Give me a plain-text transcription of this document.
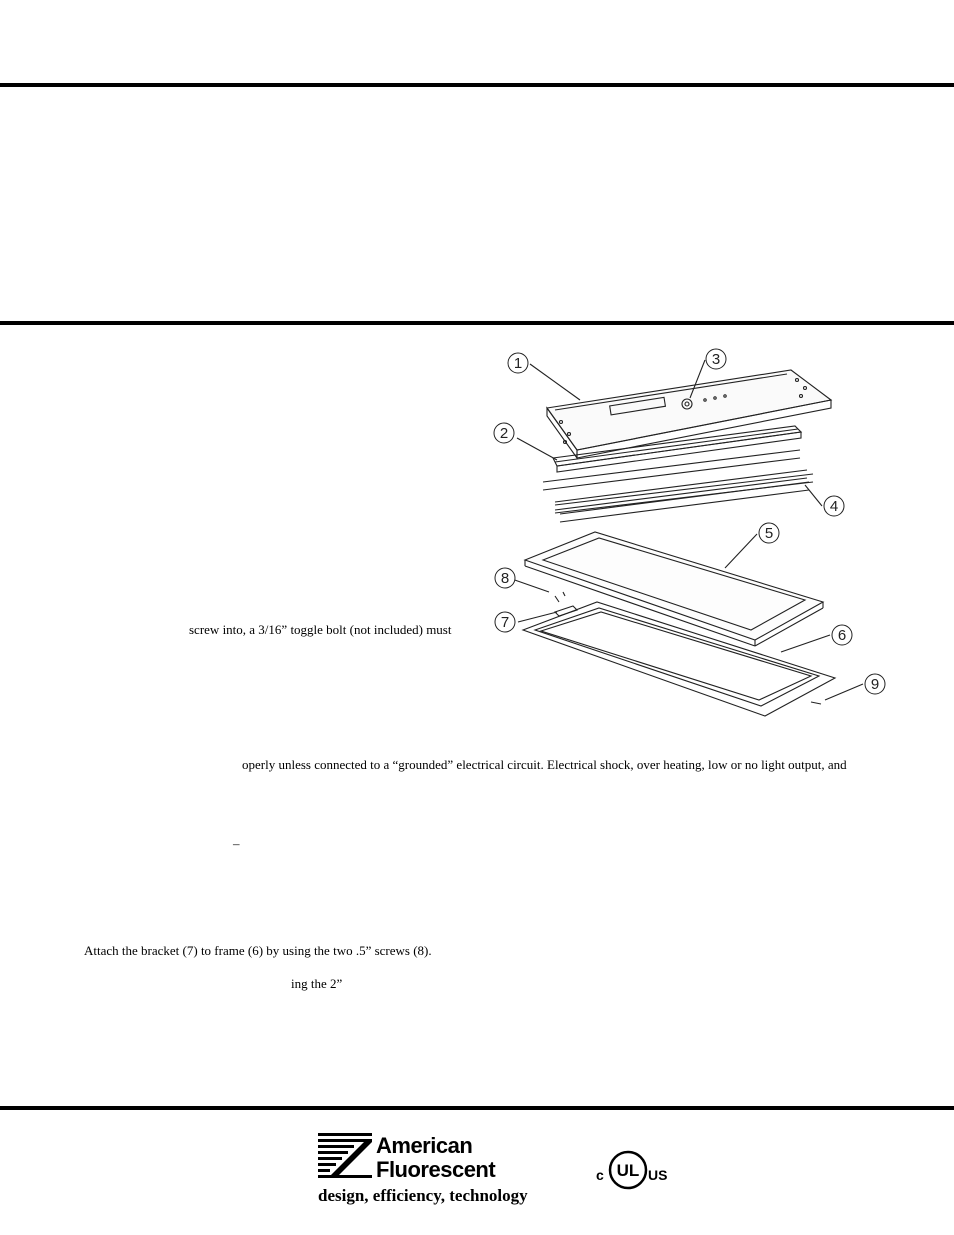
screw into, a 3/16” toggle bolt (not included) must
operly unless connected to a “grounded” electrical circuit. Electrical shock, over heating, low or no light output, and
–
Attach the bracket (7) to frame (6) by using the two .5” screws (8).
ing the 2”
1	3
2
4
5
8
7
6
9
American
Fluorescent
design, efficiency, technology
c UL US
